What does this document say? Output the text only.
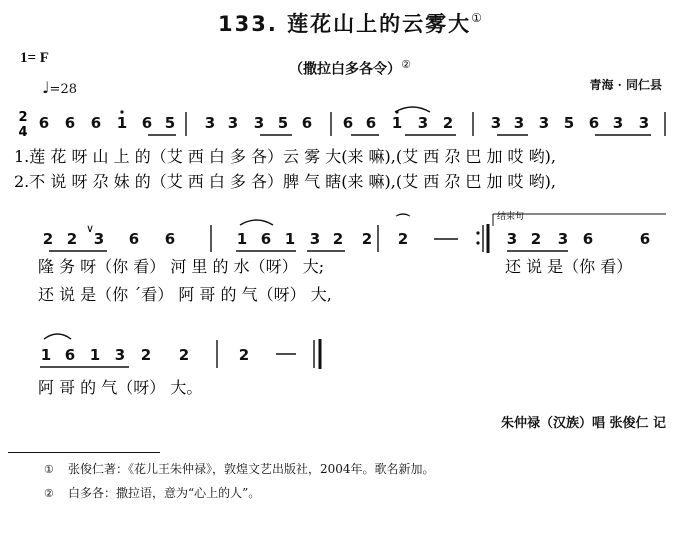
133. 莲花山上的云雾大①
1= F
♩=28
（撒拉白多各令）②
青海 · 同仁县
6 6 6 1 6 5 3 3 3 5 6 6 6 1 3 2	3 3 3 5 6 3 3
2 2 3 6 6	1 6 1 3 2 2 2	3 2 3 6	6
⌒
1 6 1 3 2 2	2
2
4
∨
结束句
1.莲 花 呀 山 上 的（艾 西 白 多 各）云 雾 大(来 嘛),(艾 西 尕 巴 加 哎 哟),
2.不 说 呀 尕 妹 的（艾 西 白 多 各）脾 气 瞎(来 嘛),(艾 西 尕 巴 加 哎 哟),
隆 务 呀（你 看） 河 里 的 水（呀） 大;
还 说 是（你 ˊ看） 阿 哥 的 气（呀） 大,
还 说 是（你 看）
阿 哥 的 气（呀） 大。
朱仲禄（汉族）唱 张俊仁 记
① 张俊仁著：《花儿王朱仲禄》，敦煌文艺出版社，2004年。歌名新加。
② 白多各：撒拉语，意为“心上的人”。
